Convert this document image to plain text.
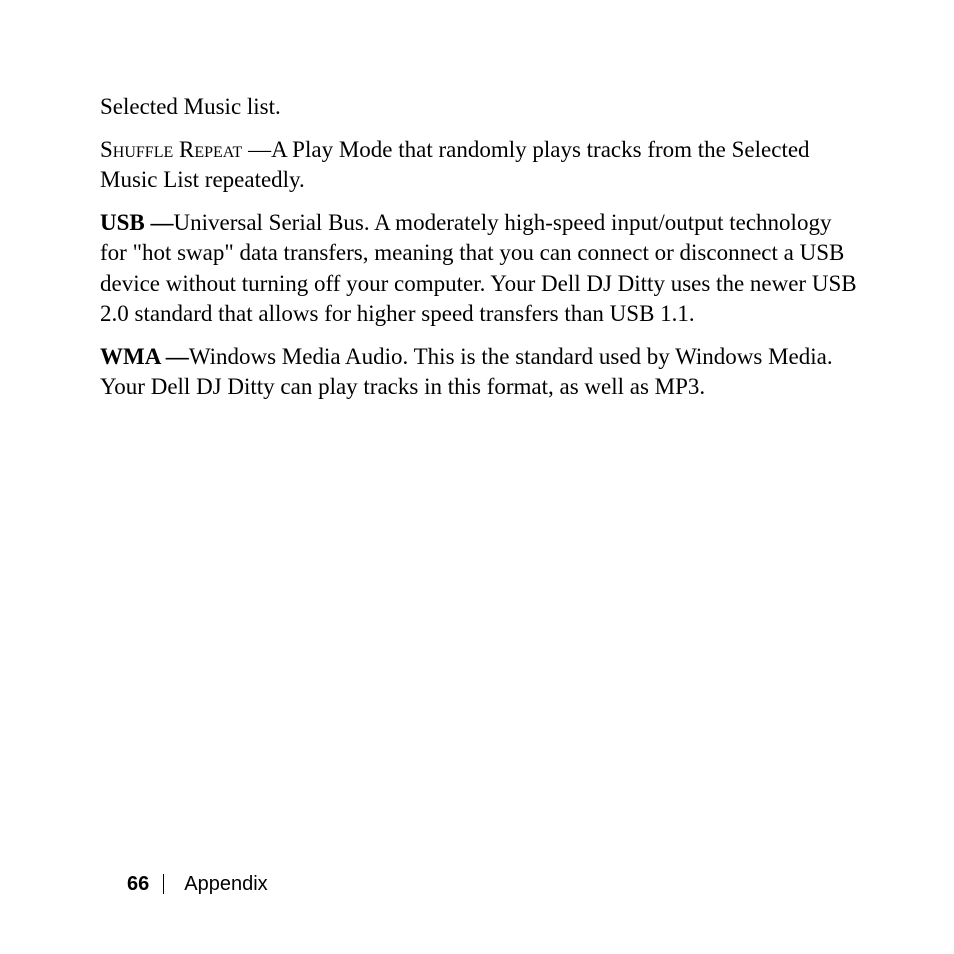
Selected Music list.

Shuffle Repeat —A Play Mode that randomly plays tracks from the Selected Music List repeatedly.

USB —Universal Serial Bus. A moderately high-speed input/output technology for "hot swap" data transfers, meaning that you can connect or disconnect a USB device without turning off your computer. Your Dell DJ Ditty uses the newer USB 2.0 standard that allows for higher speed transfers than USB 1.1.

WMA —Windows Media Audio. This is the standard used by Windows Media. Your Dell DJ Ditty can play tracks in this format, as well as MP3.

66 Appendix
